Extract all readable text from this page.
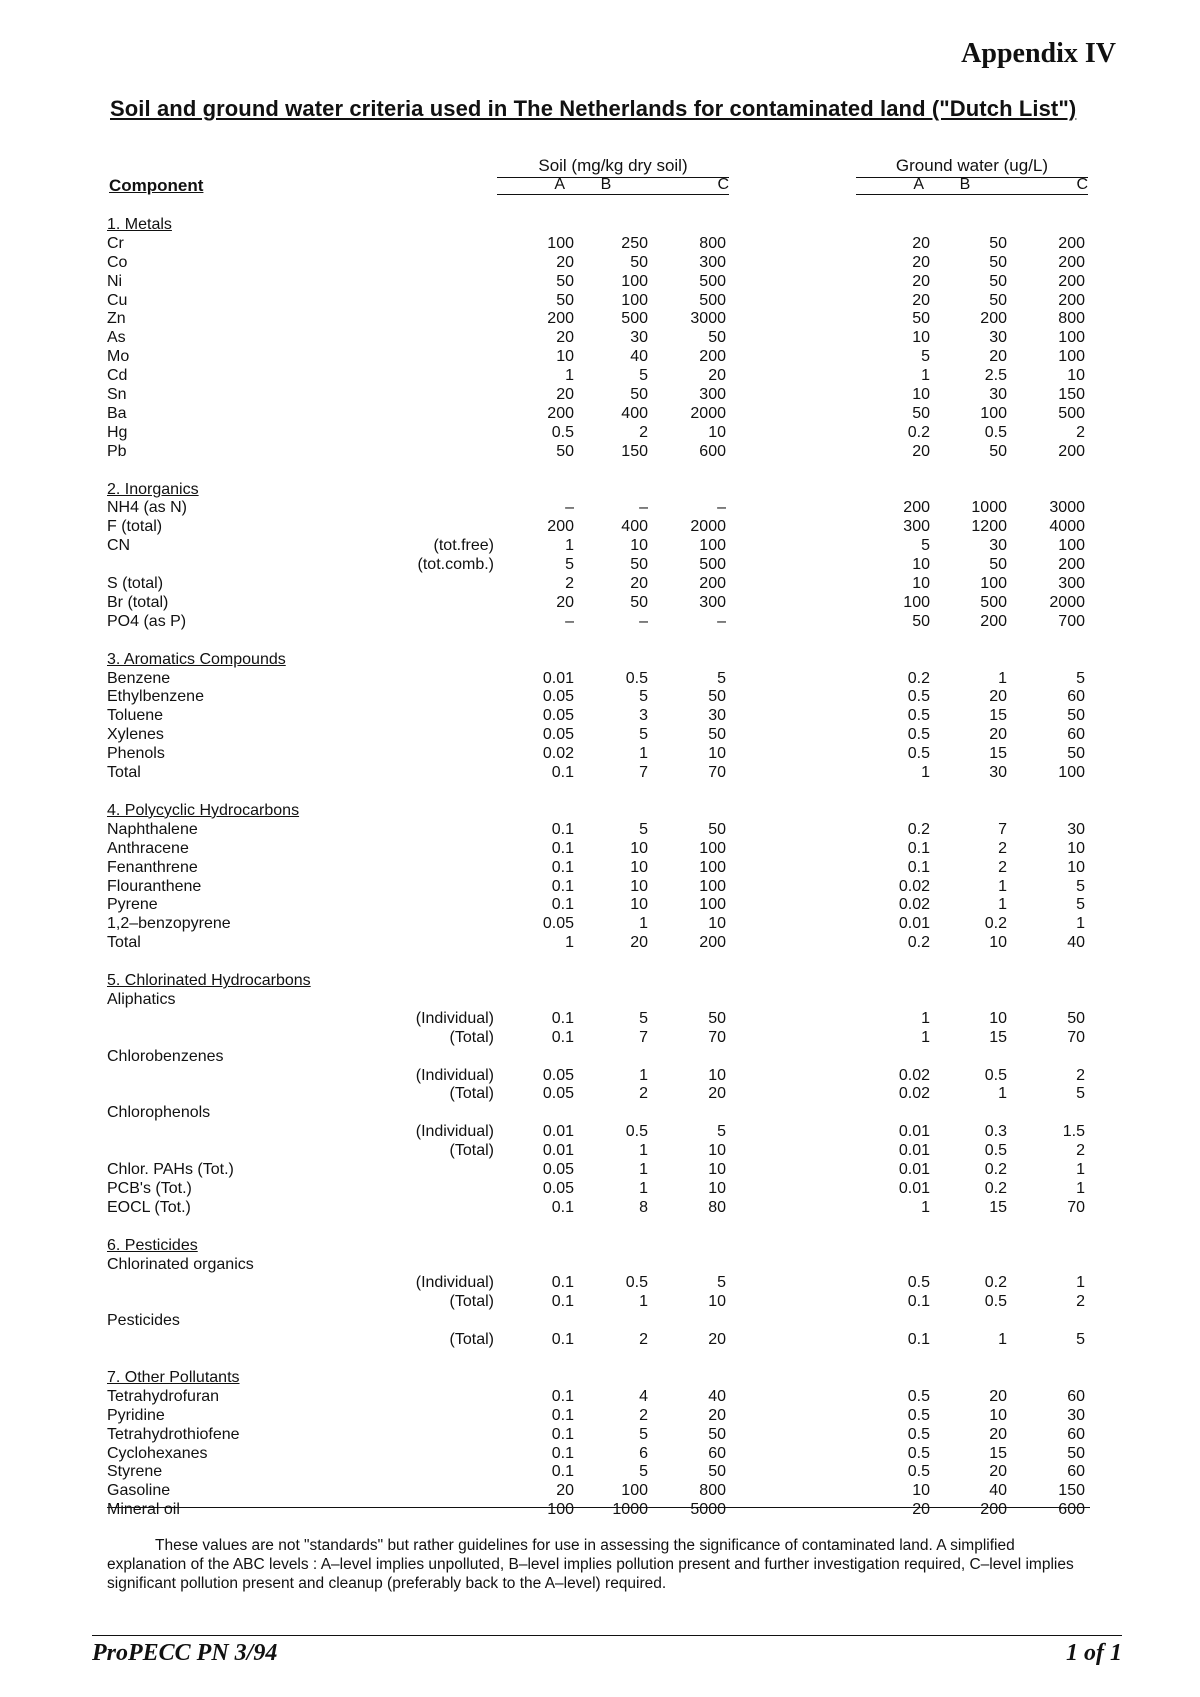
Appendix IV
Soil and ground water criteria used in The Netherlands for contaminated land ("Dutch List")
Component
Soil (mg/kg dry soil)	Ground water (ug/L)
A	B	C	A	B	C
1. Metals
Cr	100	250	800	20	50	200
Co	20	50	300	20	50	200
Ni	50	100	500	20	50	200
Cu	50	100	500	20	50	200
Zn	200	500	3000	50	200	800
As	20	30	50	10	30	100
Mo	10	40	200	5	20	100
Cd	1	5	20	1	2.5	10
Sn	20	50	300	10	30	150
Ba	200	400	2000	50	100	500
Hg	0.5	2	10	0.2	0.5	2
Pb	50	150	600	20	50	200
2. Inorganics
NH4 (as N)	–	–	–	200	1000	3000
F (total)	200	400	2000	300	1200	4000
CN	(tot.free)	1	10	100	5	30	100
(tot.comb.)	5	50	500	10	50	200
S (total)	2	20	200	10	100	300
Br (total)	20	50	300	100	500	2000
PO4 (as P)	–	–	–	50	200	700
3. Aromatics Compounds
Benzene	0.01	0.5	5	0.2	1	5
Ethylbenzene	0.05	5	50	0.5	20	60
Toluene	0.05	3	30	0.5	15	50
Xylenes	0.05	5	50	0.5	20	60
Phenols	0.02	1	10	0.5	15	50
Total	0.1	7	70	1	30	100
4. Polycyclic Hydrocarbons
Naphthalene	0.1	5	50	0.2	7	30
Anthracene	0.1	10	100	0.1	2	10
Fenanthrene	0.1	10	100	0.1	2	10
Flouranthene	0.1	10	100	0.02	1	5
Pyrene	0.1	10	100	0.02	1	5
1,2–benzopyrene	0.05	1	10	0.01	0.2	1
Total	1	20	200	0.2	10	40
5. Chlorinated Hydrocarbons
Aliphatics
(Individual)	0.1	5	50	1	10	50
(Total)	0.1	7	70	1	15	70
Chlorobenzenes
(Individual)	0.05	1	10	0.02	0.5	2
(Total)	0.05	2	20	0.02	1	5
Chlorophenols
(Individual)	0.01	0.5	5	0.01	0.3	1.5
(Total)	0.01	1	10	0.01	0.5	2
Chlor. PAHs (Tot.)	0.05	1	10	0.01	0.2	1
PCB's (Tot.)	0.05	1	10	0.01	0.2	1
EOCL (Tot.)	0.1	8	80	1	15	70
6. Pesticides
Chlorinated organics
(Individual)	0.1	0.5	5	0.5	0.2	1
(Total)	0.1	1	10	0.1	0.5	2
Pesticides
(Total)	0.1	2	20	0.1	1	5
7. Other Pollutants
Tetrahydrofuran	0.1	4	40	0.5	20	60
Pyridine	0.1	2	20	0.5	10	30
Tetrahydrothiofene	0.1	5	50	0.5	20	60
Cyclohexanes	0.1	6	60	0.5	15	50
Styrene	0.1	5	50	0.5	20	60
Gasoline	20	100	800	10	40	150
Mineral oil	100	1000	5000	20	200	600
These values are not "standards" but rather guidelines for use in assessing the significance of contaminated land. A simplified explanation of the ABC levels : A–level implies unpolluted, B–level implies pollution present and further investigation required, C–level implies significant pollution present and cleanup (preferably back to the A–level) required.
ProPECC PN 3/94	1 of 1
